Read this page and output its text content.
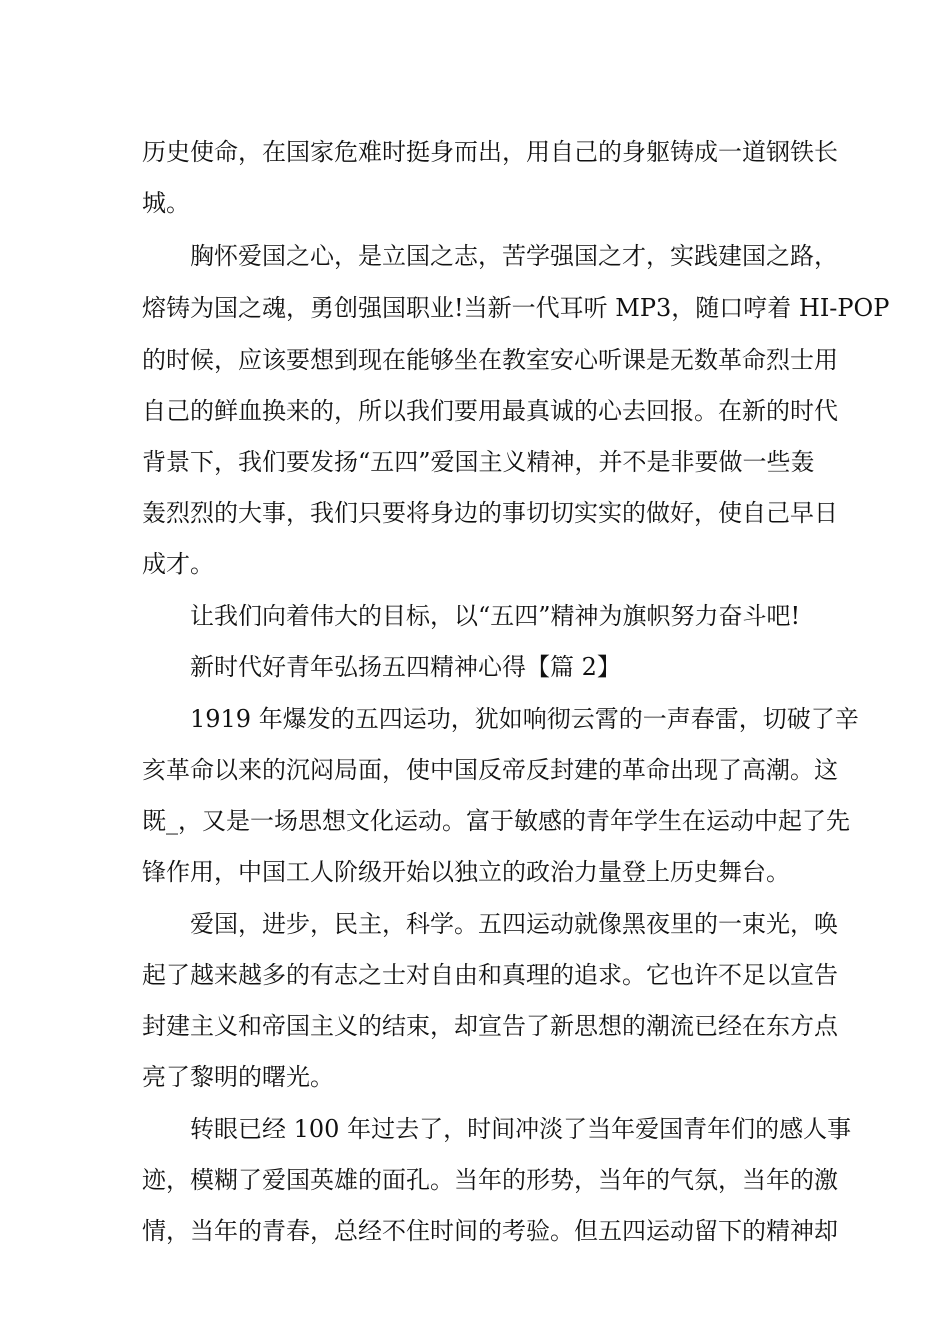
历史使命，在国家危难时挺身而出，用自己的身躯铸成一道钢铁长
城。
胸怀爱国之心，是立国之志，苦学强国之才，实践建国之路，
熔铸为国之魂，勇创强国职业!当新一代耳听 MP3，随口哼着 HI-POP
的时候，应该要想到现在能够坐在教室安心听课是无数革命烈士用
自己的鲜血换来的，所以我们要用最真诚的心去回报。在新的时代
背景下，我们要发扬“五四”爱国主义精神，并不是非要做一些轰
轰烈烈的大事，我们只要将身边的事切切实实的做好，使自己早日
成才。
让我们向着伟大的目标，以“五四”精神为旗帜努力奋斗吧!
新时代好青年弘扬五四精神心得【篇 2】
1919 年爆发的五四运功，犹如响彻云霄的一声春雷，切破了辛
亥革命以来的沉闷局面，使中国反帝反封建的革命出现了高潮。这
既_，又是一场思想文化运动。富于敏感的青年学生在运动中起了先
锋作用，中国工人阶级开始以独立的政治力量登上历史舞台。
爱国，进步，民主，科学。五四运动就像黑夜里的一束光，唤
起了越来越多的有志之士对自由和真理的追求。它也许不足以宣告
封建主义和帝国主义的结束，却宣告了新思想的潮流已经在东方点
亮了黎明的曙光。
转眼已经 100 年过去了，时间冲淡了当年爱国青年们的感人事
迹，模糊了爱国英雄的面孔。当年的形势，当年的气氛，当年的激
情，当年的青春，总经不住时间的考验。但五四运动留下的精神却
